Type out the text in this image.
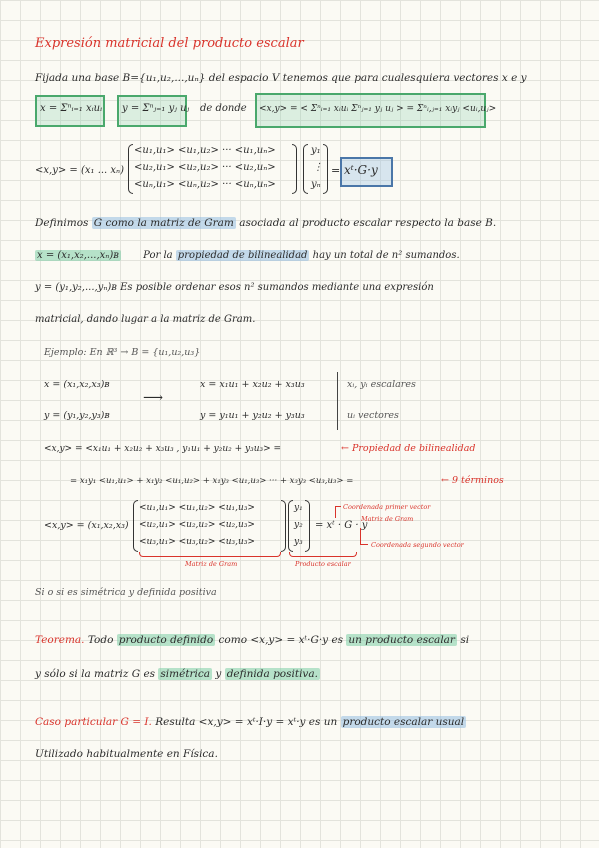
Expresión matricial del producto escalar
Fijada una base B={u₁,u₂,...,uₙ} del espacio V tenemos que para cualesquiera vectores x e y
x = Σⁿᵢ₌₁ xᵢuᵢ y = Σⁿⱼ₌₁ yⱼ uⱼ de donde <x,y> = < Σⁿᵢ₌₁ xᵢuᵢ Σⁿⱼ₌₁ yⱼ uⱼ > = Σⁿᵢ,ⱼ₌₁ xᵢyⱼ <uᵢ,uⱼ>
<x,y> = (x₁ ... xₙ)
<u₁,u₁> <u₁,u₂> ··· <u₁,uₙ>
<u₂,u₁> <u₂,u₂> ··· <u₂,uₙ>
<uₙ,u₁> <uₙ,u₂> ··· <uₙ,uₙ>
y₁
⋮
yₙ
= xᵗ·G·y
Definimos G como la matriz de Gram asociada al producto escalar respecto la base B.
x = (x₁,x₂,...,xₙ)ʙ Por la propiedad de bilinealidad hay un total de n² sumandos.
y = (y₁,y₂,...,yₙ)ʙ Es posible ordenar esos n² sumandos mediante una expresión
matricial, dando lugar a la matriz de Gram.
Ejemplo: En ℝ³ → B = {u₁,u₂,u₃}
x = (x₁,x₂,x₃)ʙ
y = (y₁,y₂,y₃)ʙ
⟶
x = x₁u₁ + x₂u₂ + x₃u₃
y = y₁u₁ + y₂u₂ + y₃u₃
xᵢ, yᵢ escalares
uᵢ vectores
<x,y> = <x₁u₁ + x₂u₂ + x₃u₃ , y₁u₁ + y₂u₂ + y₃u₃> =	← Propiedad de bilinealidad
= x₁y₁ <u₁,u₁> + x₁y₂ <u₁,u₂> + x₁y₃ <u₁,u₃> ··· + x₃y₃ <u₃,u₃> =	← 9 términos
<x,y> = (x₁,x₂,x₃)
<u₁,u₁> <u₁,u₂> <u₁,u₃>
<u₂,u₁> <u₂,u₂> <u₂,u₃>
<u₃,u₁> <u₃,u₂> <u₃,u₃>
y₁
y₂
y₃
= xᵗ · G · y
Coordenada primer vector
Matriz de Gram
Coordenada segundo vector
Matriz de Gram	Producto escalar
Si o si es simétrica y definida positiva
Teorema. Todo producto definido como <x,y> = xᵗ·G·y es un producto escalar si
y sólo si la matriz G es simétrica y definida positiva.
Caso particular G = I. Resulta <x,y> = xᵗ·I·y = xᵗ·y es un producto escalar usual
Utilizado habitualmente en Física.
